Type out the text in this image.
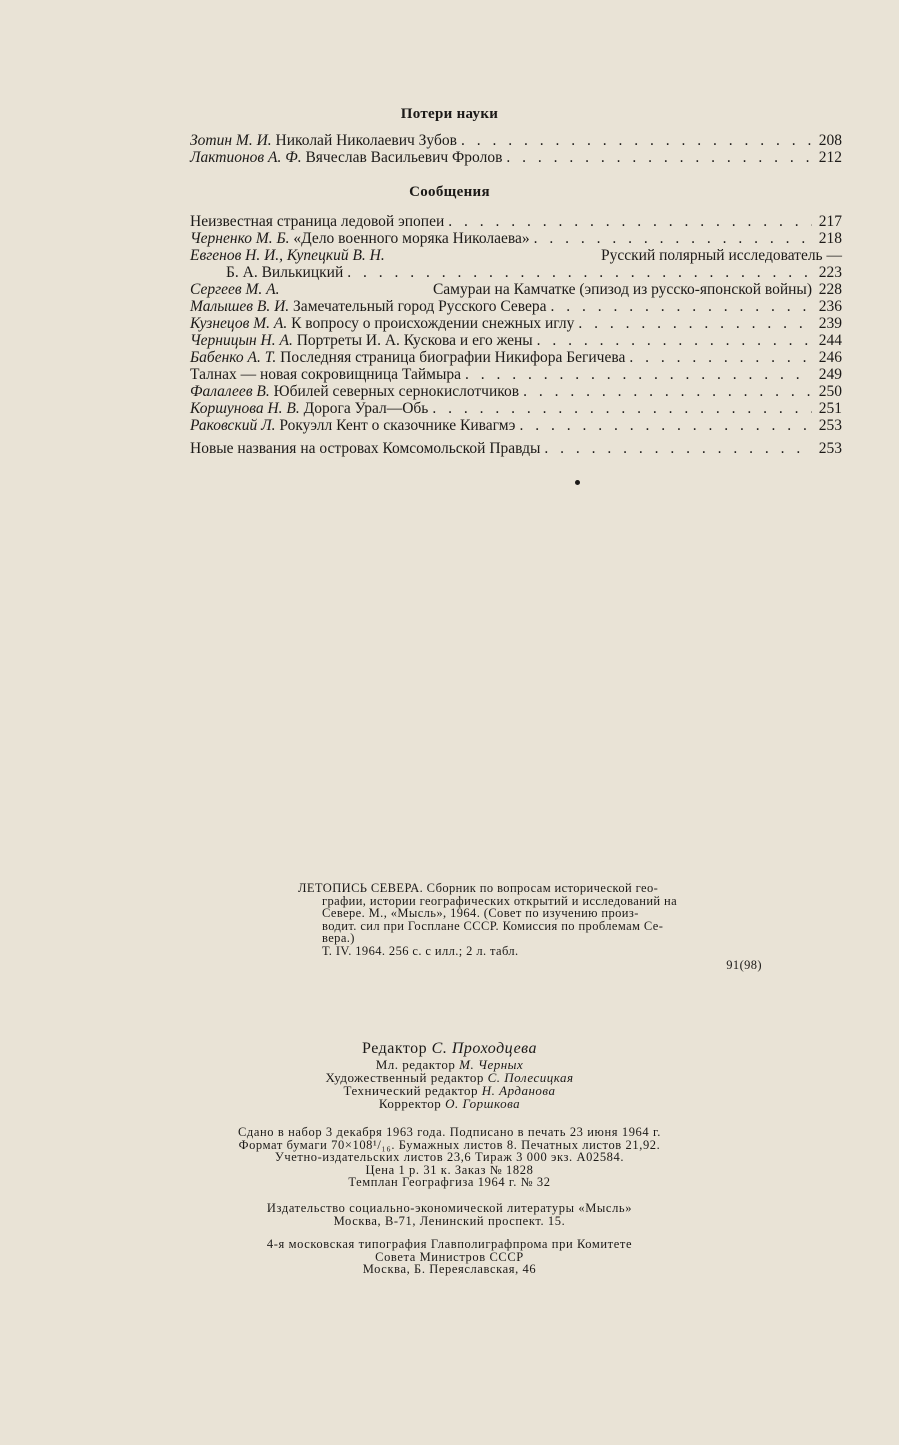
Потери науки
Зотин М. И. Николай Николаевич Зубов . . .	208
Лактионов А. Ф. Вячеслав Васильевич Фролов . . .	212
Сообщения
Неизвестная страница ледовой эпопеи . . .	217
Черненко М. Б. «Дело военного моряка Николаева» . . .	218
Евгенов Н. И., Купецкий В. Н.	Русский полярный исследователь —
Б. А. Вилькицкий . . .	223
Сергеев М. А.	Самураи на Камчатке (эпизод из русско-японской войны) 228
Малышев В. И. Замечательный город Русского Севера . . .	236
Кузнецов М. А. К вопросу о происхождении снежных иглу . . .	239
Черницын Н. А. Портреты И. А. Кускова и его жены . . .	244
Бабенко А. Т. Последняя страница биографии Никифора Бегичева . . .	246
Талнах — новая сокровищница Таймыра . . .	249
Фалалеев В. Юбилей северных сернокислотчиков . . .	250
Коршунова Н. В. Дорога Урал—Обь . . .	251
Раковский Л. Рокуэлл Кент о сказочнике Кивагмэ . . .	253
Новые названия на островах Комсомольской Правды . . .	253
ЛЕТОПИСЬ СЕВЕРА. Сборник по вопросам исторической гео-
графии, истории географических открытий и исследований на
Севере. М., «Мысль», 1964. (Совет по изучению произ-
водит. сил при Госплане СССР. Комиссия по проблемам Се-
вера.)
Т. IV. 1964. 256 с. с илл.; 2 л. табл.
91(98)
Редактор С. Проходцева
Мл. редактор М. Черных
Художественный редактор С. Полесицкая
Технический редактор Н. Арданова
Корректор О. Горшкова
Сдано в набор 3 декабря 1963 года. Подписано в печать 23 июня 1964 г.
Формат бумаги 70×108¹/₁₆. Бумажных листов 8. Печатных листов 21,92.
Учетно-издательских листов 23,6 Тираж 3 000 экз. А02584.
Цена 1 р. 31 к. Заказ № 1828
Темплан Географгиза 1964 г. № 32
Издательство социально-экономической литературы «Мысль»
Москва, В-71, Ленинский проспект. 15.
4-я московская типография Главполиграфпрома при Комитете
Совета Министров СССР
Москва, Б. Переяславская, 46
